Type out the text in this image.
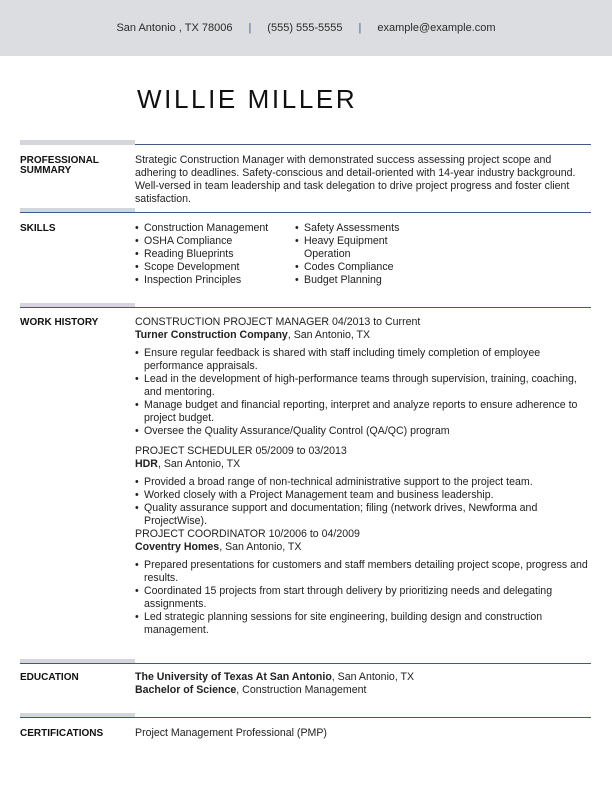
San Antonio , TX 78006 | (555) 555-5555 | example@example.com
WILLIE MILLER
PROFESSIONAL
SUMMARY
Strategic Construction Manager with demonstrated success assessing project scope and adhering to deadlines. Safety-conscious and detail-oriented with 14-year industry background. Well-versed in team leadership and task delegation to drive project progress and foster client satisfaction.
SKILLS
•	Construction Management
• OSHA Compliance
• Reading Blueprints
• Scope Development
• Inspection Principles
• Safety Assessments
• Heavy Equipment Operation
• Codes Compliance
• Budget Planning
WORK HISTORY	CONSTRUCTION PROJECT MANAGER 04/2013 to Current
Turner Construction Company, San Antonio, TX
• Ensure regular feedback is shared with staff including timely completion of employee performance appraisals.
• Lead in the development of high-performance teams through supervision, training, coaching, and mentoring.
• Manage budget and financial reporting, interpret and analyze reports to ensure adherence to project budget.
• Oversee the Quality Assurance/Quality Control (QA/QC) program
PROJECT SCHEDULER 05/2009 to 03/2013
HDR, San Antonio, TX
• Provided a broad range of non-technical administrative support to the project team.
• Worked closely with a Project Management team and business leadership.
• Quality assurance support and documentation; filing (network drives, Newforma and ProjectWise).
PROJECT COORDINATOR 10/2006 to 04/2009
Coventry Homes, San Antonio, TX
• Prepared presentations for customers and staff members detailing project scope, progress and results.
• Coordinated 15 projects from start through delivery by prioritizing needs and delegating assignments.
• Led strategic planning sessions for site engineering, building design and construction management.
EDUCATION	The University of Texas At San Antonio, San Antonio, TX
Bachelor of Science, Construction Management
CERTIFICATIONS	Project Management Professional (PMP)
